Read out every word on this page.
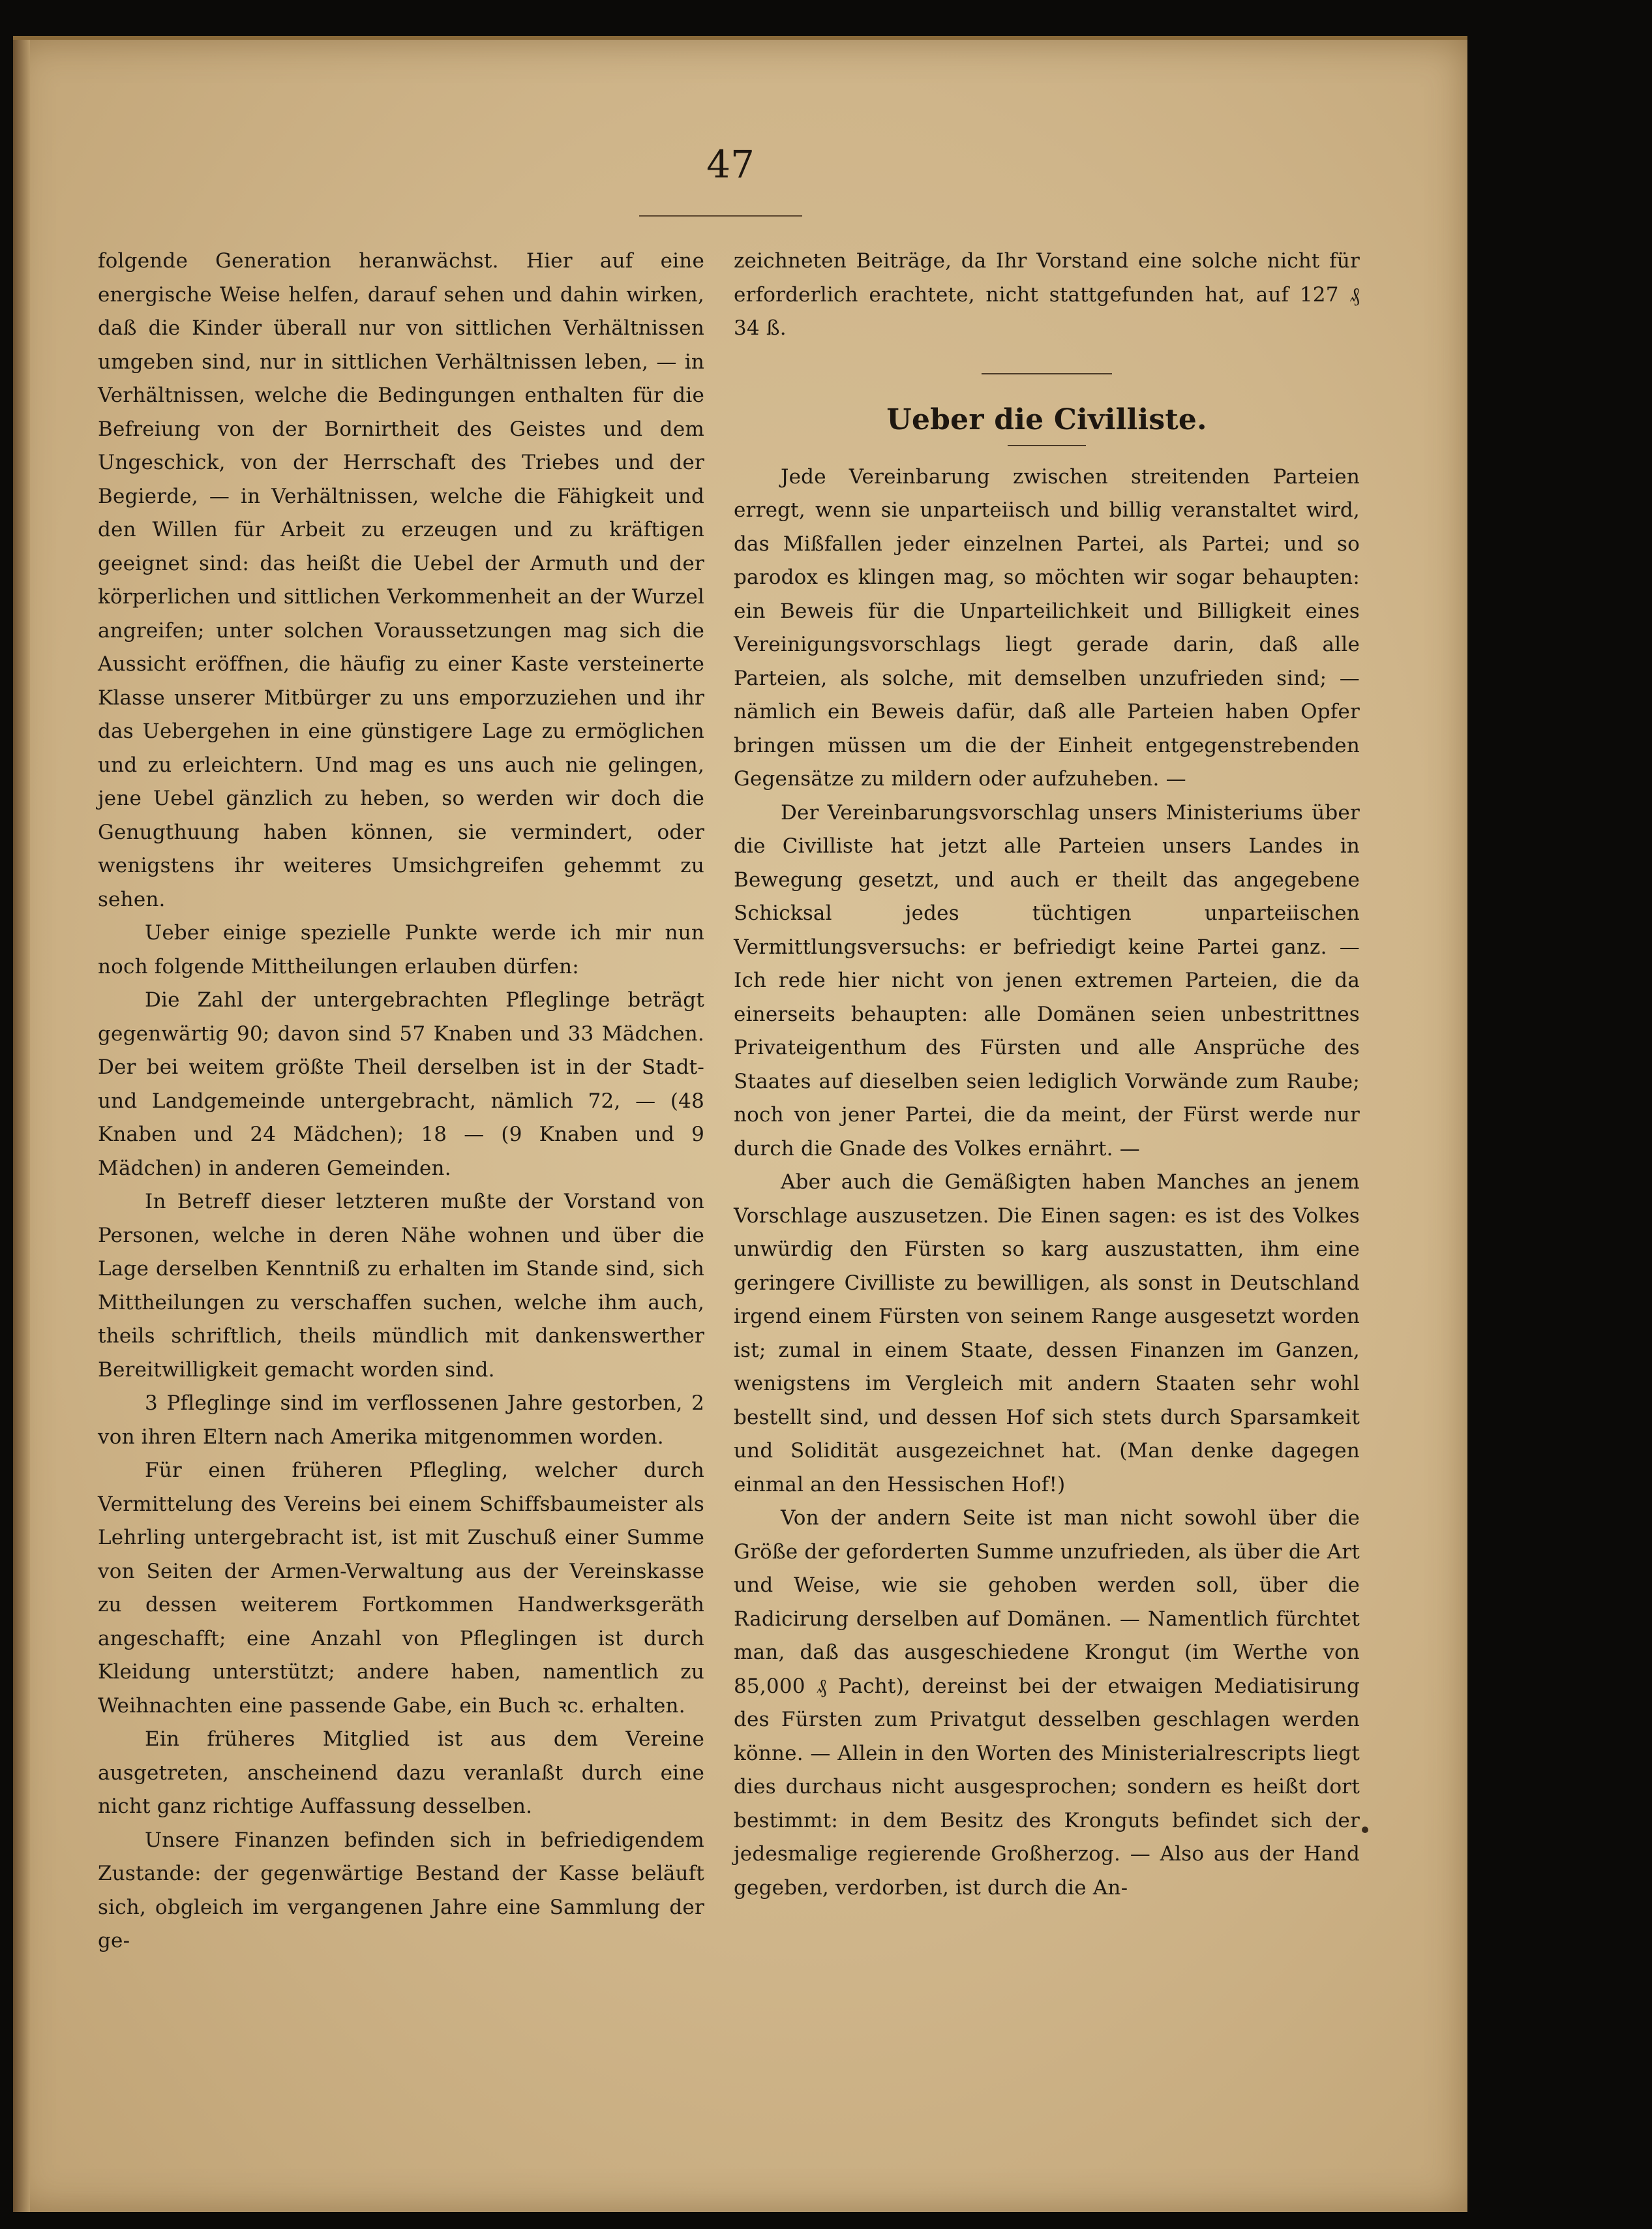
47

folgende Generation heranwächst. Hier auf eine energische Weise helfen, darauf sehen und dahin wirken, daß die Kinder überall nur von sittlichen Verhältnissen umgeben sind, nur in sittlichen Verhältnissen leben, — in Verhältnissen, welche die Bedingungen enthalten für die Befreiung von der Bornirtheit des Geistes und dem Ungeschick, von der Herrschaft des Triebes und der Begierde, — in Verhältnissen, welche die Fähigkeit und den Willen für Arbeit zu erzeugen und zu kräftigen geeignet sind: das heißt die Uebel der Armuth und der körperlichen und sittlichen Verkommenheit an der Wurzel angreifen; unter solchen Voraussetzungen mag sich die Aussicht eröffnen, die häufig zu einer Kaste versteinerte Klasse unserer Mitbürger zu uns emporzuziehen und ihr das Uebergehen in eine günstigere Lage zu ermöglichen und zu erleichtern. Und mag es uns auch nie gelingen, jene Uebel gänzlich zu heben, so werden wir doch die Genugthuung haben können, sie vermindert, oder wenigstens ihr weiteres Umsichgreifen gehemmt zu sehen.

Ueber einige spezielle Punkte werde ich mir nun noch folgende Mittheilungen erlauben dürfen:

Die Zahl der untergebrachten Pfleglinge beträgt gegenwärtig 90; davon sind 57 Knaben und 33 Mädchen. Der bei weitem größte Theil derselben ist in der Stadt- und Landgemeinde untergebracht, nämlich 72, — (48 Knaben und 24 Mädchen); 18 — (9 Knaben und 9 Mädchen) in anderen Gemeinden.

In Betreff dieser letzteren mußte der Vorstand von Personen, welche in deren Nähe wohnen und über die Lage derselben Kenntniß zu erhalten im Stande sind, sich Mittheilungen zu verschaffen suchen, welche ihm auch, theils schriftlich, theils mündlich mit dankenswerther Bereitwilligkeit gemacht worden sind.

3 Pfleglinge sind im verflossenen Jahre gestorben, 2 von ihren Eltern nach Amerika mitgenommen worden.

Für einen früheren Pflegling, welcher durch Vermittelung des Vereins bei einem Schiffsbaumeister als Lehrling untergebracht ist, ist mit Zuschuß einer Summe von Seiten der Armen-Verwaltung aus der Vereinskasse zu dessen weiterem Fortkommen Handwerksgeräth angeschafft; eine Anzahl von Pfleglingen ist durch Kleidung unterstützt; andere haben, namentlich zu Weihnachten eine passende Gabe, ein Buch ꝛc. erhalten.

Ein früheres Mitglied ist aus dem Vereine ausgetreten, anscheinend dazu veranlaßt durch eine nicht ganz richtige Auffassung desselben.

Unsere Finanzen befinden sich in befriedigendem Zustande: der gegenwärtige Bestand der Kasse beläuft sich, obgleich im vergangenen Jahre eine Sammlung der ge-

zeichneten Beiträge, da Ihr Vorstand eine solche nicht für erforderlich erachtete, nicht stattgefunden hat, auf 127 ₰ 34 ß.

Ueber die Civilliste.

Jede Vereinbarung zwischen streitenden Parteien erregt, wenn sie unparteiisch und billig veranstaltet wird, das Mißfallen jeder einzelnen Partei, als Partei; und so parodox es klingen mag, so möchten wir sogar behaupten: ein Beweis für die Unparteilichkeit und Billigkeit eines Vereinigungsvorschlags liegt gerade darin, daß alle Parteien, als solche, mit demselben unzufrieden sind; — nämlich ein Beweis dafür, daß alle Parteien haben Opfer bringen müssen um die der Einheit entgegenstrebenden Gegensätze zu mildern oder aufzuheben. —

Der Vereinbarungsvorschlag unsers Ministeriums über die Civilliste hat jetzt alle Parteien unsers Landes in Bewegung gesetzt, und auch er theilt das angegebene Schicksal jedes tüchtigen unparteiischen Vermittlungsversuchs: er befriedigt keine Partei ganz. — Ich rede hier nicht von jenen extremen Parteien, die da einerseits behaupten: alle Domänen seien unbestrittnes Privateigenthum des Fürsten und alle Ansprüche des Staates auf dieselben seien lediglich Vorwände zum Raube; noch von jener Partei, die da meint, der Fürst werde nur durch die Gnade des Volkes ernährt. —

Aber auch die Gemäßigten haben Manches an jenem Vorschlage auszusetzen. Die Einen sagen: es ist des Volkes unwürdig den Fürsten so karg auszustatten, ihm eine geringere Civilliste zu bewilligen, als sonst in Deutschland irgend einem Fürsten von seinem Range ausgesetzt worden ist; zumal in einem Staate, dessen Finanzen im Ganzen, wenigstens im Vergleich mit andern Staaten sehr wohl bestellt sind, und dessen Hof sich stets durch Sparsamkeit und Solidität ausgezeichnet hat. (Man denke dagegen einmal an den Hessischen Hof!)

Von der andern Seite ist man nicht sowohl über die Größe der geforderten Summe unzufrieden, als über die Art und Weise, wie sie gehoben werden soll, über die Radicirung derselben auf Domänen. — Namentlich fürchtet man, daß das ausgeschiedene Krongut (im Werthe von 85,000 ₰ Pacht), dereinst bei der etwaigen Mediatisirung des Fürsten zum Privatgut desselben geschlagen werden könne. — Allein in den Worten des Ministerialrescripts liegt dies durchaus nicht ausgesprochen; sondern es heißt dort bestimmt: in dem Besitz des Kronguts befindet sich der jedesmalige regierende Großherzog. — Also aus der Hand gegeben, verdorben, ist durch die An-
